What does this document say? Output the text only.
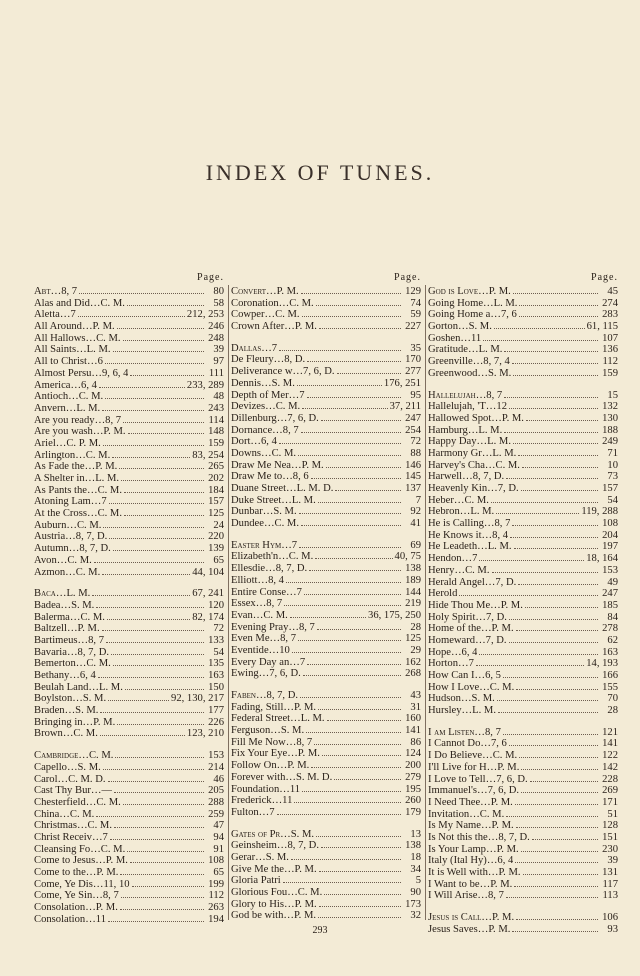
INDEX OF TUNES.
Page.
Abt…8, 7	80
Alas and Did…C. M.	58
Aletta…7	212, 253
All Around…P. M.	246
All Hallows…C. M.	248
All Saints…L. M.	39
All to Christ…6	97
Almost Persu…9, 6, 4	111
America…6, 4	233, 289
Antioch…C. M.	48
Anvern…L. M.	243
Are you ready…8, 7	114
Are you wash…P. M.	148
Ariel…C. P. M.	159
Arlington…C. M.	83, 254
As Fade the…P. M.	265
A Shelter in…L. M.	202
As Pants the…C. M.	184
Atoning Lam…7	157
At the Cross…C. M.	125
Auburn…C. M.	24
Austria…8, 7, D.	220
Autumn…8, 7, D.	139
Avon…C. M.	65
Azmon…C. M.	44, 104
Baca…L. M.	67, 241
Badea…S. M.	120
Balerma…C. M.	82, 174
Baltzell…P. M.	72
Bartimeus…8, 7	133
Bavaria…8, 7, D.	54
Bemerton…C. M.	135
Bethany…6, 4	163
Beulah Land…L. M.	150
Boylston…S. M.	92, 130, 217
Braden…S. M.	177
Bringing in…P. M.	226
Brown…C. M.	123, 210
Cambridge…C. M.	153
Capello…S. M.	214
Carol…C. M. D.	46
Cast Thy Bur…—	205
Chesterfield…C. M.	288
China…C. M.	259
Christmas…C. M.	47
Christ Receiv…7	94
Cleansing Fo…C. M.	91
Come to Jesus…P. M.	108
Come to the…P. M.	65
Come, Ye Dis…11, 10	199
Come, Ye Sin…8, 7	112
Consolation…P. M.	263
Consolation…11	194
Page.
Convert…P. M.	129
Coronation…C. M.	74
Cowper…C. M.	59
Crown After…P. M.	227
Dallas…7	35
De Fleury…8, D.	170
Deliverance w…7, 6, D.	277
Dennis…S. M.	176, 251
Depth of Mer…7	95
Devizes…C. M.	37, 211
Dillenburg…7, 6, D.	247
Dornance…8, 7	254
Dort…6, 4	72
Downs…C. M.	88
Draw Me Nea…P. M.	146
Draw Me to…8, 6	145
Duane Street…L. M. D.	137
Duke Street…L. M.	7
Dunbar…S. M.	92
Dundee…C. M.	41
Easter Hym…7	69
Elizabeth'n…C. M.	40, 75
Ellesdie…8, 7, D.	138
Elliott…8, 4	189
Entire Conse…7	144
Essex…8, 7	219
Evan…C. M.	36, 175, 250
Evening Pray…8, 7	28
Even Me…8, 7	125
Eventide…10	29
Every Day an…7	162
Ewing…7, 6, D.	268
Faben…8, 7, D.	43
Fading, Still…P. M.	31
Federal Street…L. M.	160
Ferguson…S. M.	141
Fill Me Now…8, 7	86
Fix Your Eye…P. M.	124
Follow On…P. M.	200
Forever with…S. M. D.	279
Foundation…11	195
Frederick…11	260
Fulton…7	179
Gates of Pr…S. M.	13
Geinsheim…8, 7, D.	138
Gerar…S. M.	18
Give Me the…P. M.	34
Gloria Patri	5
Glorious Fou…C. M.	90
Glory to His…P. M.	173
God be with…P. M.	32
Page.
God is Love…P. M.	45
Going Home…L. M.	274
Going Home a…7, 6	283
Gorton…S. M.	61, 115
Goshen…11	107
Gratitude…L. M.	136
Greenville…8, 7, 4	112
Greenwood…S. M.	159
Hallelujah…8, 7	15
Hallelujah, 'T…12	132
Hallowed Spot…P. M.	130
Hamburg…L. M.	188
Happy Day…L. M.	249
Harmony Gr…L. M.	71
Harvey's Cha…C. M.	10
Harwell…8, 7, D.	73
Heavenly Kin…7, D.	157
Heber…C. M.	54
Hebron…L. M.	119, 288
He is Calling…8, 7	108
He Knows it…8, 4	204
He Leadeth…L. M.	197
Hendon…7	18, 164
Henry…C. M.	153
Herald Angel…7, D.	49
Herold	247
Hide Thou Me…P. M.	185
Holy Spirit…7, D.	84
Home of the…P. M.	278
Homeward…7, D.	62
Hope…6, 4	163
Horton…7	14, 193
How Can I…6, 5	166
How I Love…C. M.	155
Hudson…S. M.	70
Hursley…L. M.	28
I am Listen…8, 7	121
I Cannot Do…7, 6	141
I Do Believe…C. M.	122
I'll Live for H…P. M.	142
I Love to Tell…7, 6, D.	228
Immanuel's…7, 6, D.	269
I Need Thee…P. M.	171
Invitation…C. M.	51
Is My Name…P. M.	128
Is Not this the…8, 7, D.	151
Is Your Lamp…P. M.	230
Italy (Ital Hy)…6, 4	39
It is Well with…P. M.	131
I Want to be…P. M.	117
I Will Arise…8, 7	113
Jesus is Call…P. M.	106
Jesus Saves…P. M.	93
293
